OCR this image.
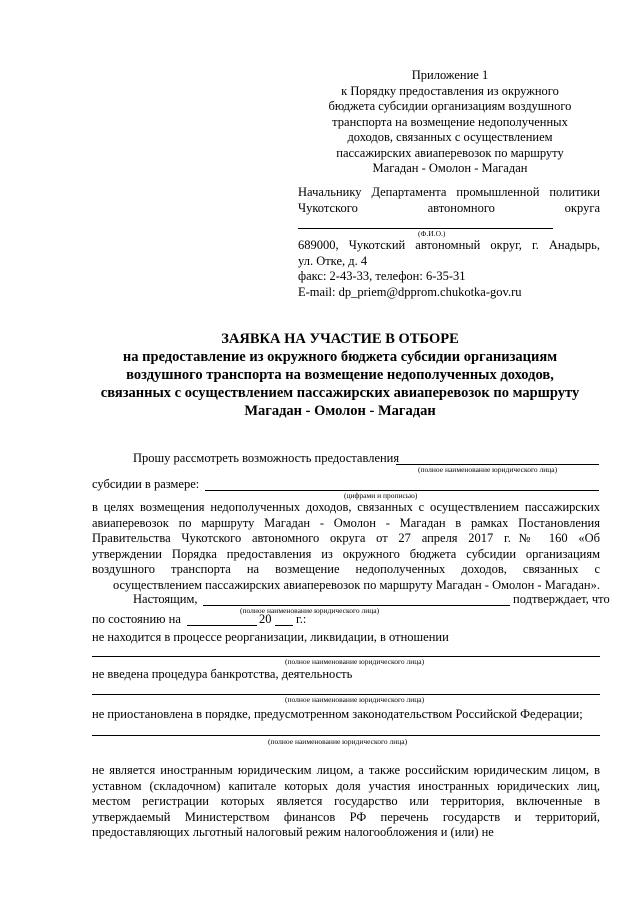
Приложение 1
к Порядку предоставления из окружного
бюджета субсидии организациям воздушного
транспорта на возмещение недополученных
доходов, связанных с осуществлением
пассажирских авиаперевозок по маршруту
Магадан - Омолон - Магадан
Начальнику Департамента промышленной политики
Чукотского автономного округа
(Ф.И.О.)
689000, Чукотский автономный округ, г. Анадырь,
ул. Отке, д. 4
факс: 2-43-33, телефон: 6-35-31
E-mail: dp_priem@dpprom.chukotka-gov.ru
ЗАЯВКА НА УЧАСТИЕ В ОТБОРЕ
на предоставление из окружного бюджета субсидии организациям
воздушного транспорта на возмещение недополученных доходов,
связанных с осуществлением пассажирских авиаперевозок по маршруту
Магадан - Омолон - Магадан
Прошу рассмотреть возможность предоставления
(полное наименование юридического лица)
субсидии в размере:
(цифрами и прописью)
в целях возмещения недополученных доходов, связанных с осуществлением пассажирских
авиаперевозок по маршруту Магадан - Омолон - Магадан в рамках Постановления
Правительства Чукотского автономного округа от 27 апреля 2017 г.№ 160 «Об
утверждении Порядка предоставления из окружного бюджета субсидии организациям
воздушного транспорта на возмещение недополученных доходов, связанных с
осуществлением пассажирских авиаперевозок по маршруту Магадан - Омолон - Магадан».
Настоящим,	подтверждает, что
(полное наименование юридического лица)
по состоянию на	20 г.:
не находится в процессе реорганизации, ликвидации, в отношении
(полное наименование юридического лица)
не введена процедура банкротства, деятельность
(полное наименование юридического лица)
не приостановлена в порядке, предусмотренном законодательством Российской Федерации;
(полное наименование юридического лица)
не является иностранным юридическим лицом, а также российским юридическим лицом, в
уставном (складочном) капитале которых доля участия иностранных юридических лиц,
местом регистрации которых является государство или территория, включенные в
утверждаемый Министерством финансов РФ перечень государств и территорий,
предоставляющих льготный налоговый режим налогообложения и (или) не
